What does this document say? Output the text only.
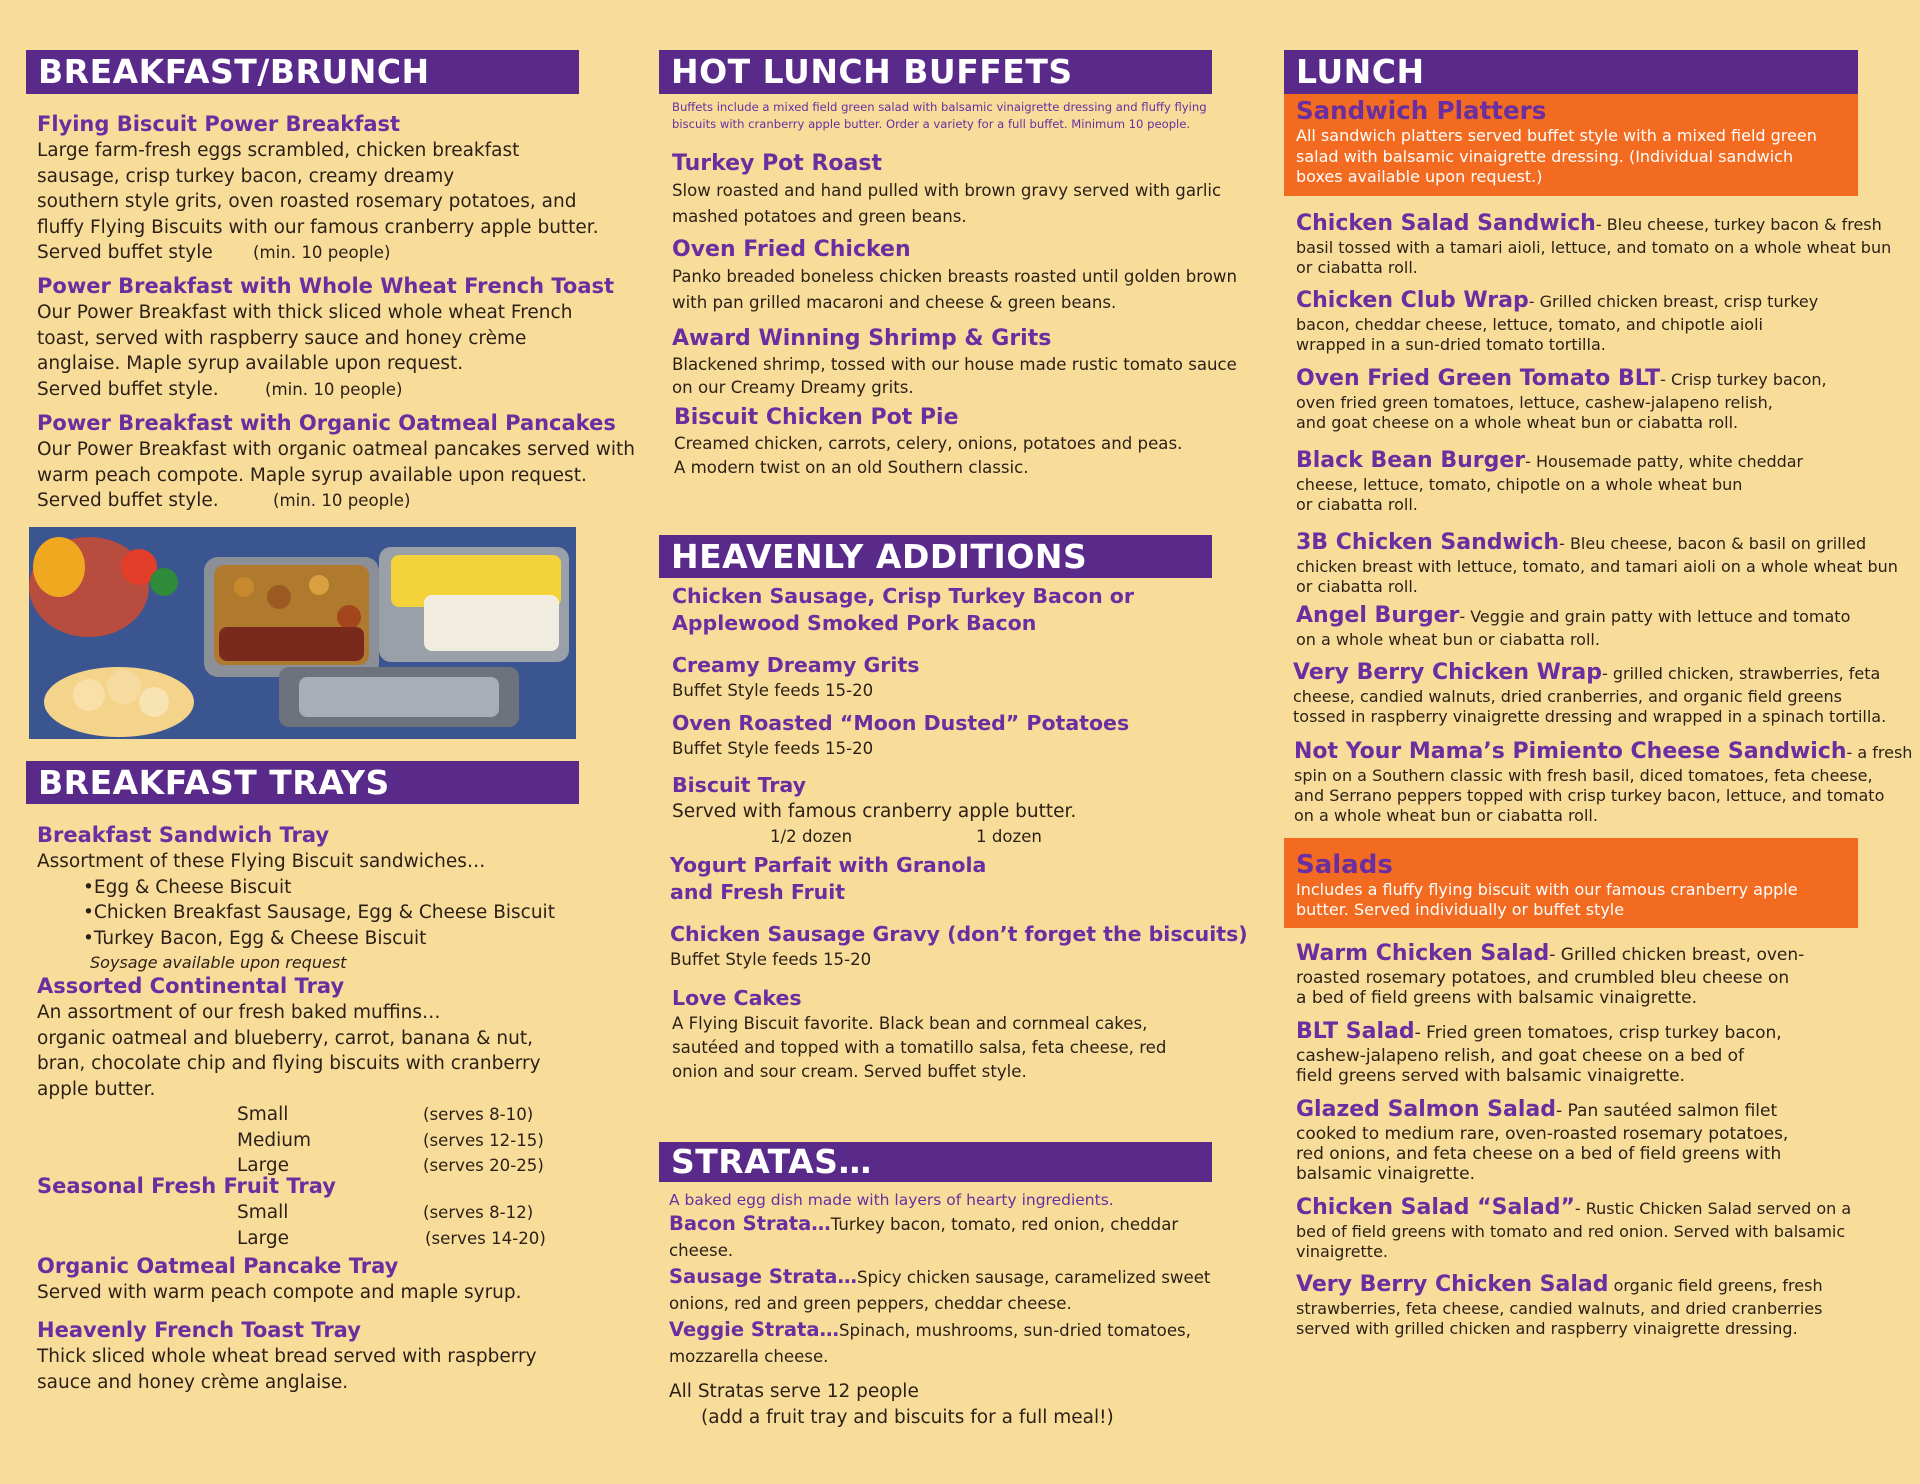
BREAKFAST/BRUNCH
Flying Biscuit Power Breakfast
Large farm-fresh eggs scrambled, chicken breakfast
sausage, crisp turkey bacon, creamy dreamy
southern style grits, oven roasted rosemary potatoes, and
fluffy Flying Biscuits with our famous cranberry apple butter.
Served buffet style (min. 10 people)
Power Breakfast with Whole Wheat French Toast
Our Power Breakfast with thick sliced whole wheat French
toast, served with raspberry sauce and honey crème
anglaise. Maple syrup available upon request.
Served buffet style.	(min. 10 people)
Power Breakfast with Organic Oatmeal Pancakes
Our Power Breakfast with organic oatmeal pancakes served with
warm peach compote. Maple syrup available upon request.
Served buffet style.	(min. 10 people)
BREAKFAST TRAYS
Breakfast Sandwich Tray
Assortment of these Flying Biscuit sandwiches…
•Egg & Cheese Biscuit
•Chicken Breakfast Sausage, Egg & Cheese Biscuit
•Turkey Bacon, Egg & Cheese Biscuit
Soysage available upon request
Assorted Continental Tray
An assortment of our fresh baked muffins…
organic oatmeal and blueberry, carrot, banana & nut,
bran, chocolate chip and flying biscuits with cranberry
apple butter.
Small	(serves 8-10)
Medium	(serves 12-15)
Large	(serves 20-25)
Seasonal Fresh Fruit Tray
Small	(serves 8-12)
Large	(serves 14-20)
Organic Oatmeal Pancake Tray
Served with warm peach compote and maple syrup.
Heavenly French Toast Tray
Thick sliced whole wheat bread served with raspberry
sauce and honey crème anglaise.
HOT LUNCH BUFFETS
Buffets include a mixed field green salad with balsamic vinaigrette dressing and fluffy flying
biscuits with cranberry apple butter. Order a variety for a full buffet. Minimum 10 people.
Turkey Pot Roast
Slow roasted and hand pulled with brown gravy served with garlic
mashed potatoes and green beans.
Oven Fried Chicken
Panko breaded boneless chicken breasts roasted until golden brown
with pan grilled macaroni and cheese & green beans.
Award Winning Shrimp & Grits
Blackened shrimp, tossed with our house made rustic tomato sauce
on our Creamy Dreamy grits.
Biscuit Chicken Pot Pie
Creamed chicken, carrots, celery, onions, potatoes and peas.
A modern twist on an old Southern classic.
HEAVENLY ADDITIONS
Chicken Sausage, Crisp Turkey Bacon or
Applewood Smoked Pork Bacon
Creamy Dreamy Grits
Buffet Style feeds 15-20
Oven Roasted “Moon Dusted” Potatoes
Buffet Style feeds 15-20
Biscuit Tray
Served with famous cranberry apple butter.
1/2 dozen	1 dozen
Yogurt Parfait with Granola
and Fresh Fruit
Chicken Sausage Gravy (don’t forget the biscuits)
Buffet Style feeds 15-20
Love Cakes
A Flying Biscuit favorite. Black bean and cornmeal cakes,
sautéed and topped with a tomatillo salsa, feta cheese, red
onion and sour cream. Served buffet style.
STRATAS…
A baked egg dish made with layers of hearty ingredients.
Bacon Strata…Turkey bacon, tomato, red onion, cheddar
cheese.
Sausage Strata…Spicy chicken sausage, caramelized sweet
onions, red and green peppers, cheddar cheese.
Veggie Strata…Spinach, mushrooms, sun-dried tomatoes,
mozzarella cheese.
All Stratas serve 12 people
(add a fruit tray and biscuits for a full meal!)
LUNCH
Sandwich Platters
All sandwich platters served buffet style with a mixed field green
salad with balsamic vinaigrette dressing. (Individual sandwich
boxes available upon request.)
Chicken Salad Sandwich- Bleu cheese, turkey bacon & fresh
basil tossed with a tamari aioli, lettuce, and tomato on a whole wheat bun
or ciabatta roll.
Chicken Club Wrap- Grilled chicken breast, crisp turkey
bacon, cheddar cheese, lettuce, tomato, and chipotle aioli
wrapped in a sun-dried tomato tortilla.
Oven Fried Green Tomato BLT- Crisp turkey bacon,
oven fried green tomatoes, lettuce, cashew-jalapeno relish,
and goat cheese on a whole wheat bun or ciabatta roll.
Black Bean Burger- Housemade patty, white cheddar
cheese, lettuce, tomato, chipotle on a whole wheat bun
or ciabatta roll.
3B Chicken Sandwich- Bleu cheese, bacon & basil on grilled
chicken breast with lettuce, tomato, and tamari aioli on a whole wheat bun
or ciabatta roll.
Angel Burger- Veggie and grain patty with lettuce and tomato
on a whole wheat bun or ciabatta roll.
Very Berry Chicken Wrap- grilled chicken, strawberries, feta
cheese, candied walnuts, dried cranberries, and organic field greens
tossed in raspberry vinaigrette dressing and wrapped in a spinach tortilla.
Not Your Mama’s Pimiento Cheese Sandwich- a fresh
spin on a Southern classic with fresh basil, diced tomatoes, feta cheese,
and Serrano peppers topped with crisp turkey bacon, lettuce, and tomato
on a whole wheat bun or ciabatta roll.
Salads
Includes a fluffy flying biscuit with our famous cranberry apple
butter. Served individually or buffet style
Warm Chicken Salad- Grilled chicken breast, oven-
roasted rosemary potatoes, and crumbled bleu cheese on
a bed of field greens with balsamic vinaigrette.
BLT Salad- Fried green tomatoes, crisp turkey bacon,
cashew-jalapeno relish, and goat cheese on a bed of
field greens served with balsamic vinaigrette.
Glazed Salmon Salad- Pan sautéed salmon filet
cooked to medium rare, oven-roasted rosemary potatoes,
red onions, and feta cheese on a bed of field greens with
balsamic vinaigrette.
Chicken Salad “Salad”- Rustic Chicken Salad served on a
bed of field greens with tomato and red onion. Served with balsamic
vinaigrette.
Very Berry Chicken Salad organic field greens, fresh
strawberries, feta cheese, candied walnuts, and dried cranberries
served with grilled chicken and raspberry vinaigrette dressing.
